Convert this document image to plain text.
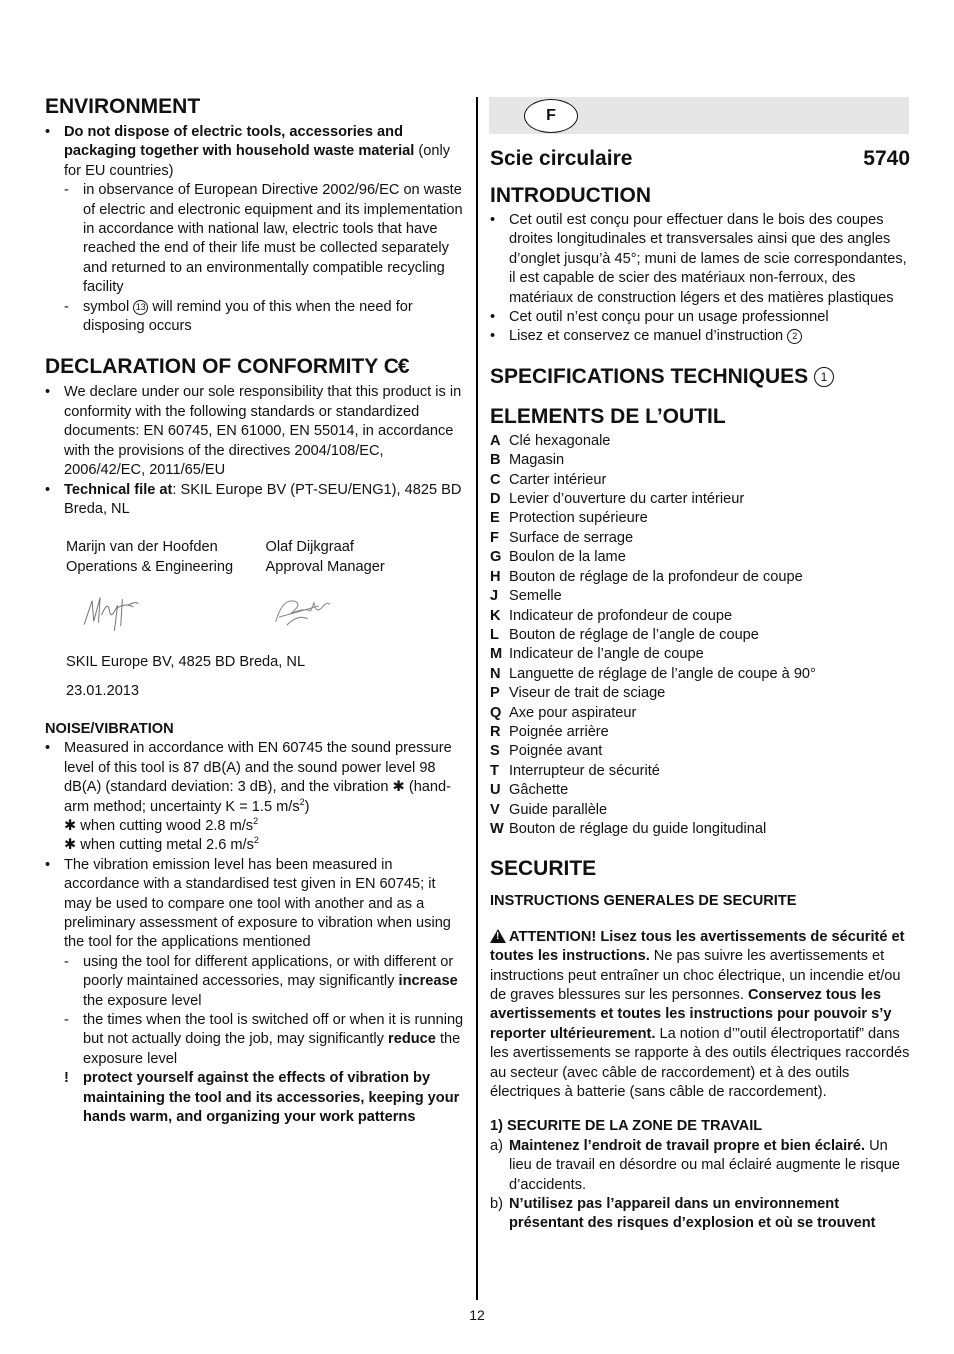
ENVIRONMENT
• Do not dispose of electric tools, accessories and packaging together with household waste material (only for EU countries)
- in observance of European Directive 2002/96/EC on waste of electric and electronic equipment and its implementation in accordance with national law, electric tools that have reached the end of their life must be collected separately and returned to an environmentally compatible recycling facility
- symbol 13 will remind you of this when the need for disposing occurs
DECLARATION OF CONFORMITY C€
• We declare under our sole responsibility that this product is in conformity with the following standards or standardized documents: EN 60745, EN 61000, EN 55014, in accordance with the provisions of the directives 2004/108/EC, 2006/42/EC, 2011/65/EU
• Technical file at: SKIL Europe BV (PT-SEU/ENG1), 4825 BD Breda, NL
Marijn van der Hoofden
Operations & Engineering
Olaf Dijkgraaf
Approval Manager
SKIL Europe BV, 4825 BD Breda, NL
23.01.2013
NOISE/VIBRATION
• Measured in accordance with EN 60745 the sound pressure level of this tool is 87 dB(A) and the sound power level 98 dB(A) (standard deviation: 3 dB), and the vibration ✱ (hand-arm method; uncertainty K = 1.5 $m/s^2$)
✱ when cutting wood 2.8 $m/s^2$
✱ when cutting metal 2.6 $m/s^2$
• The vibration emission level has been measured in accordance with a standardised test given in EN 60745; it may be used to compare one tool with another and as a preliminary assessment of exposure to vibration when using the tool for the applications mentioned
- using the tool for different applications, or with different or poorly maintained accessories, may significantly increase the exposure level
- the times when the tool is switched off or when it is running but not actually doing the job, may significantly reduce the exposure level
! protect yourself against the effects of vibration by maintaining the tool and its accessories, keeping your hands warm, and organizing your work patterns
F
Scie circulaire	5740
INTRODUCTION
• Cet outil est conçu pour effectuer dans le bois des coupes droites longitudinales et transversales ainsi que des angles d’onglet jusqu’à 45°; muni de lames de scie correspondantes, il est capable de scier des matériaux non-ferroux, des matériaux de construction légers et des matières plastiques
• Cet outil n’est conçu pour un usage professionnel
• Lisez et conservez ce manuel d’instruction 2
SPECIFICATIONS TECHNIQUES 1
ELEMENTS DE L’OUTIL
A Clé hexagonale
B Magasin
C Carter intérieur
D Levier d’ouverture du carter intérieur
E Protection supérieure
F Surface de serrage
G Boulon de la lame
H Bouton de réglage de la profondeur de coupe
J Semelle
K Indicateur de profondeur de coupe
L Bouton de réglage de l’angle de coupe
M Indicateur de l’angle de coupe
N Languette de réglage de l’angle de coupe à 90°
P Viseur de trait de sciage
Q Axe pour aspirateur
R Poignée arrière
S Poignée avant
T Interrupteur de sécurité
U Gâchette
V Guide parallèle
W Bouton de réglage du guide longitudinal
SECURITE
INSTRUCTIONS GENERALES DE SECURITE
!ATTENTION! Lisez tous les avertissements de sécurité et toutes les instructions. Ne pas suivre les avertissements et instructions peut entraîner un choc électrique, un incendie et/ou de graves blessures sur les personnes. Conservez tous les avertissements et toutes les instructions pour pouvoir s’y reporter ultérieurement. La notion d’”outil électroportatif” dans les avertissements se rapporte à des outils électriques raccordés au secteur (avec câble de raccordement) et à des outils électriques à batterie (sans câble de raccordement).
1) SECURITE DE LA ZONE DE TRAVAIL
a) Maintenez l’endroit de travail propre et bien éclairé. Un lieu de travail en désordre ou mal éclairé augmente le risque d’accidents.
b) N’utilisez pas l’appareil dans un environnement présentant des risques d’explosion et où se trouvent
12
